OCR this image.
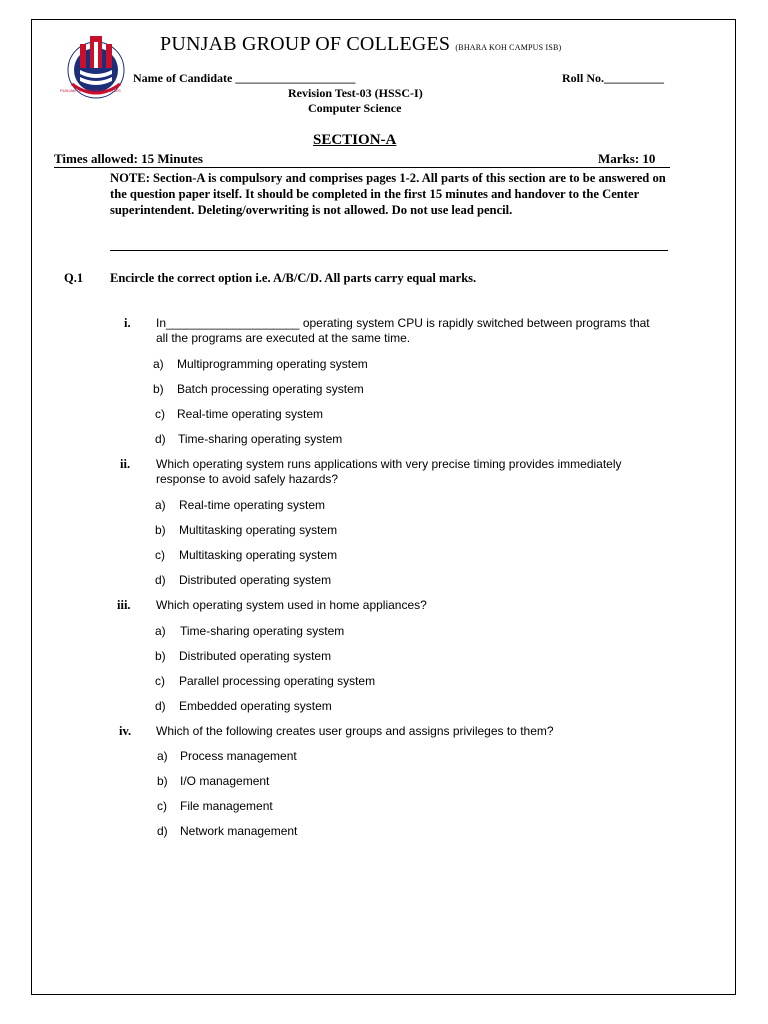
PUNJAB GROUP OF COLLEGES
PUNJAB GROUP OF COLLEGES (BHARA KOH CAMPUS ISB)
Name of Candidate ____________________	Roll No.__________
Revision Test-03 (HSSC-I)
Computer Science
SECTION-A
Times allowed: 15 Minutes	Marks: 10
NOTE: Section-A is compulsory and comprises pages 1-2. All parts of this section are to be answered on the question paper itself. It should be completed in the first 15 minutes and handover to the Center superintendent. Deleting/overwriting is not allowed. Do not use lead pencil.
Q.1 Encircle the correct option i.e. A/B/C/D. All parts carry equal marks.
i. In____________________ operating system CPU is rapidly switched between programs that all the programs are executed at the same time.
a) Multiprogramming operating system
b) Batch processing operating system
c) Real-time operating system
d) Time-sharing operating system
ii. Which operating system runs applications with very precise timing provides immediately response to avoid safely hazards?
a) Real-time operating system
b) Multitasking operating system
c) Multitasking operating system
d) Distributed operating system
iii. Which operating system used in home appliances?
a) Time-sharing operating system
b) Distributed operating system
c) Parallel processing operating system
d) Embedded operating system
iv. Which of the following creates user groups and assigns privileges to them?
a) Process management
b) I/O management
c) File management
d) Network management
